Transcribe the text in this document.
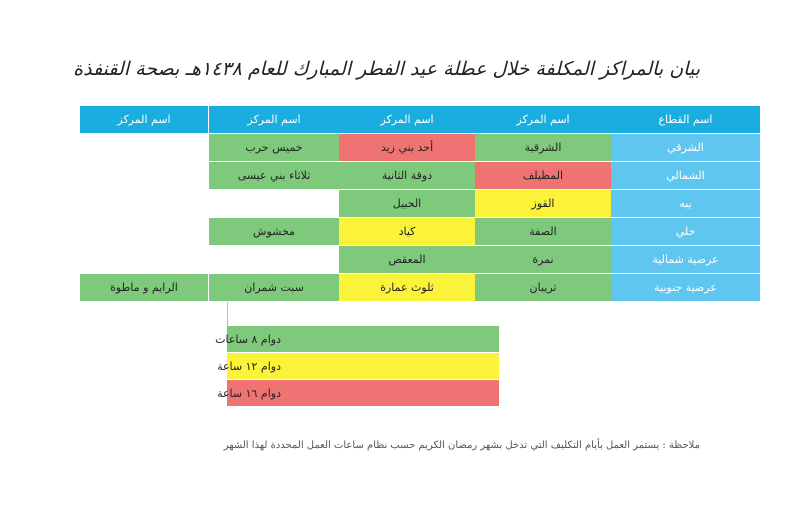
بيان بالمراكز المكلفة خلال عطلة عيد الفطر المبارك للعام ١٤٣٨هـ بصحة القنفذة
اسم القطاع
اسم المركز
اسم المركز
اسم المركز
اسم المركز
الشرقي
الشرقية
أحد بني زيد
خميس حرب
الشمالي
المظيلف
دوقة الثانية
ثلاثاء بني عيسى
يبه
القوز
الحبيل
حلي
الصفة
كياد
مخشوش
عرضية شمالية
نمرة
المعقص
عرضية جنوبية
ثريبان
ثلوث عمارة
سبت شمران
الرايم و ماطوة
دوام ٨ ساعات
دوام ١٢ ساعة
دوام ١٦ ساعة
ملاحظة : يستمر العمل بأيام التكليف التي تدخل بشهر رمضان الكريم حسب نظام ساعات العمل المحددة لهذا الشهر
